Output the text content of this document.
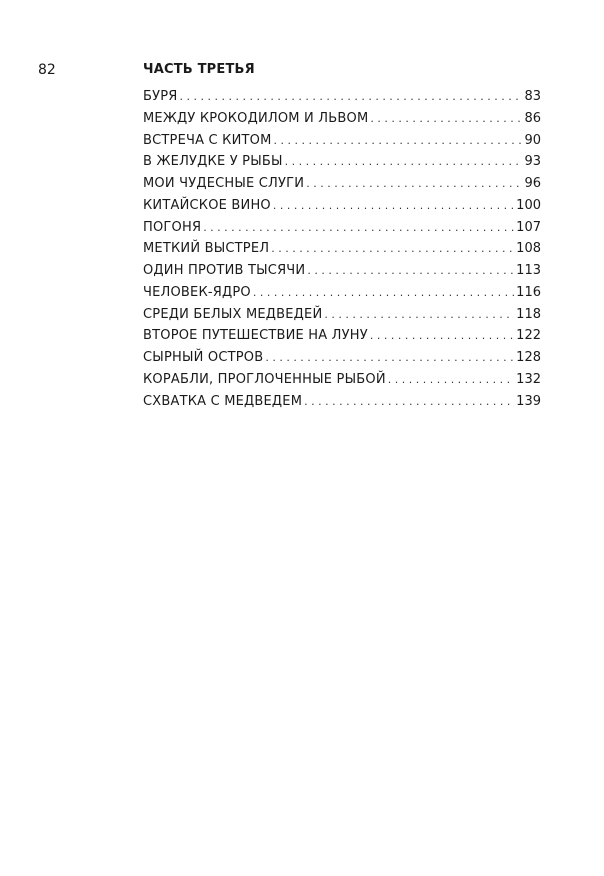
82	ЧАСТЬ ТРЕТЬЯ
БУРЯ . . .	83
МЕЖДУ КРОКОДИЛОМ И ЛЬВОМ . . .	86
ВСТРЕЧА С КИТОМ . . .	90
В ЖЕЛУДКЕ У РЫБЫ . . .	93
МОИ ЧУДЕСНЫЕ СЛУГИ . . .	96
КИТАЙСКОЕ ВИНО . . .	100
ПОГОНЯ . . .	107
МЕТКИЙ ВЫСТРЕЛ . . .	108
ОДИН ПРОТИВ ТЫСЯЧИ . . .	113
ЧЕЛОВЕК-ЯДРО . . .	116
СРЕДИ БЕЛЫХ МЕДВЕДЕЙ . . .	118
ВТОРОЕ ПУТЕШЕСТВИЕ НА ЛУНУ . . .	122
СЫРНЫЙ ОСТРОВ . . .	128
КОРАБЛИ, ПРОГЛОЧЕННЫЕ РЫБОЙ . . .	132
СХВАТКА С МЕДВЕДЕМ . . .	139
